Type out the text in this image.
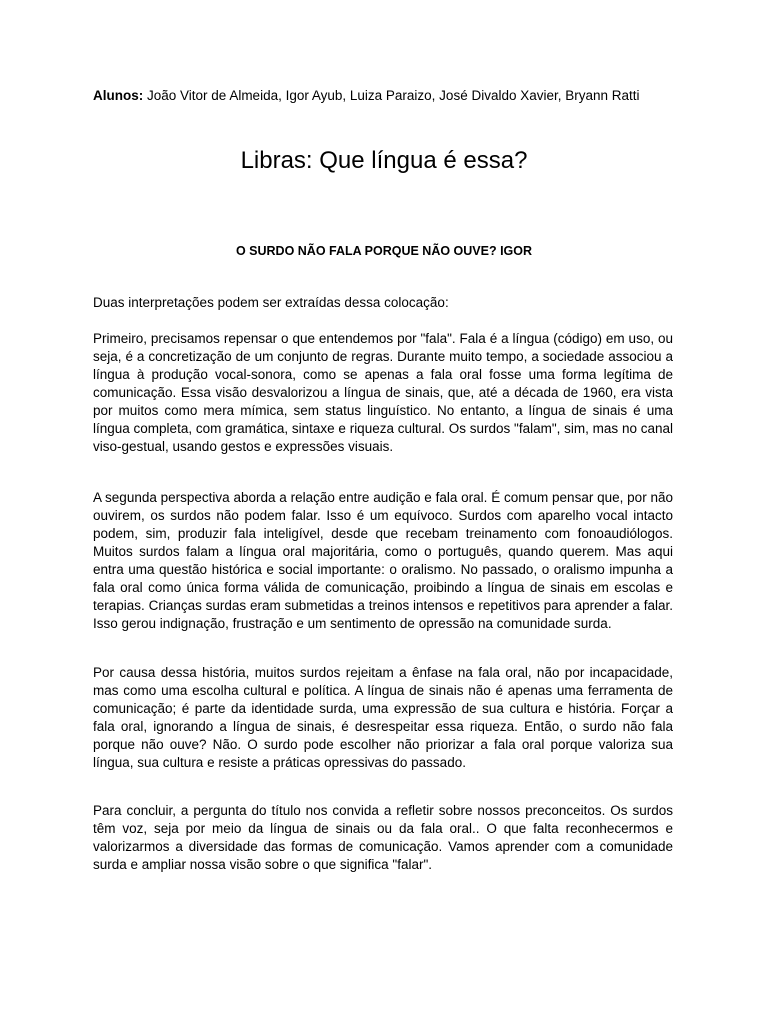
Alunos: João Vitor de Almeida, Igor Ayub, Luiza Paraizo, José Divaldo Xavier, Bryann Ratti
Libras: Que língua é essa?
O SURDO NÃO FALA PORQUE NÃO OUVE? IGOR

Duas interpretações podem ser extraídas dessa colocação:

Primeiro, precisamos repensar o que entendemos por "fala". Fala é a língua (código) em uso, ou seja, é a concretização de um conjunto de regras. Durante muito tempo, a sociedade associou a língua à produção vocal-sonora, como se apenas a fala oral fosse uma forma legítima de comunicação. Essa visão desvalorizou a língua de sinais, que, até a década de 1960, era vista por muitos como mera mímica, sem status linguístico. No entanto, a língua de sinais é uma língua completa, com gramática, sintaxe e riqueza cultural. Os surdos "falam", sim, mas no canal viso-gestual, usando gestos e expressões visuais.

A segunda perspectiva aborda a relação entre audição e fala oral. É comum pensar que, por não ouvirem, os surdos não podem falar. Isso é um equívoco. Surdos com aparelho vocal intacto podem, sim, produzir fala inteligível, desde que recebam treinamento com fonoaudiólogos. Muitos surdos falam a língua oral majoritária, como o português, quando querem. Mas aqui entra uma questão histórica e social importante: o oralismo. No passado, o oralismo impunha a fala oral como única forma válida de comunicação, proibindo a língua de sinais em escolas e terapias. Crianças surdas eram submetidas a treinos intensos e repetitivos para aprender a falar. Isso gerou indignação, frustração e um sentimento de opressão na comunidade surda.

Por causa dessa história, muitos surdos rejeitam a ênfase na fala oral, não por incapacidade, mas como uma escolha cultural e política. A língua de sinais não é apenas uma ferramenta de comunicação; é parte da identidade surda, uma expressão de sua cultura e história. Forçar a fala oral, ignorando a língua de sinais, é desrespeitar essa riqueza. Então, o surdo não fala porque não ouve? Não. O surdo pode escolher não priorizar a fala oral porque valoriza sua língua, sua cultura e resiste a práticas opressivas do passado.

Para concluir, a pergunta do título nos convida a refletir sobre nossos preconceitos. Os surdos têm voz, seja por meio da língua de sinais ou da fala oral.. O que falta reconhecermos e valorizarmos a diversidade das formas de comunicação. Vamos aprender com a comunidade surda e ampliar nossa visão sobre o que significa "falar".
